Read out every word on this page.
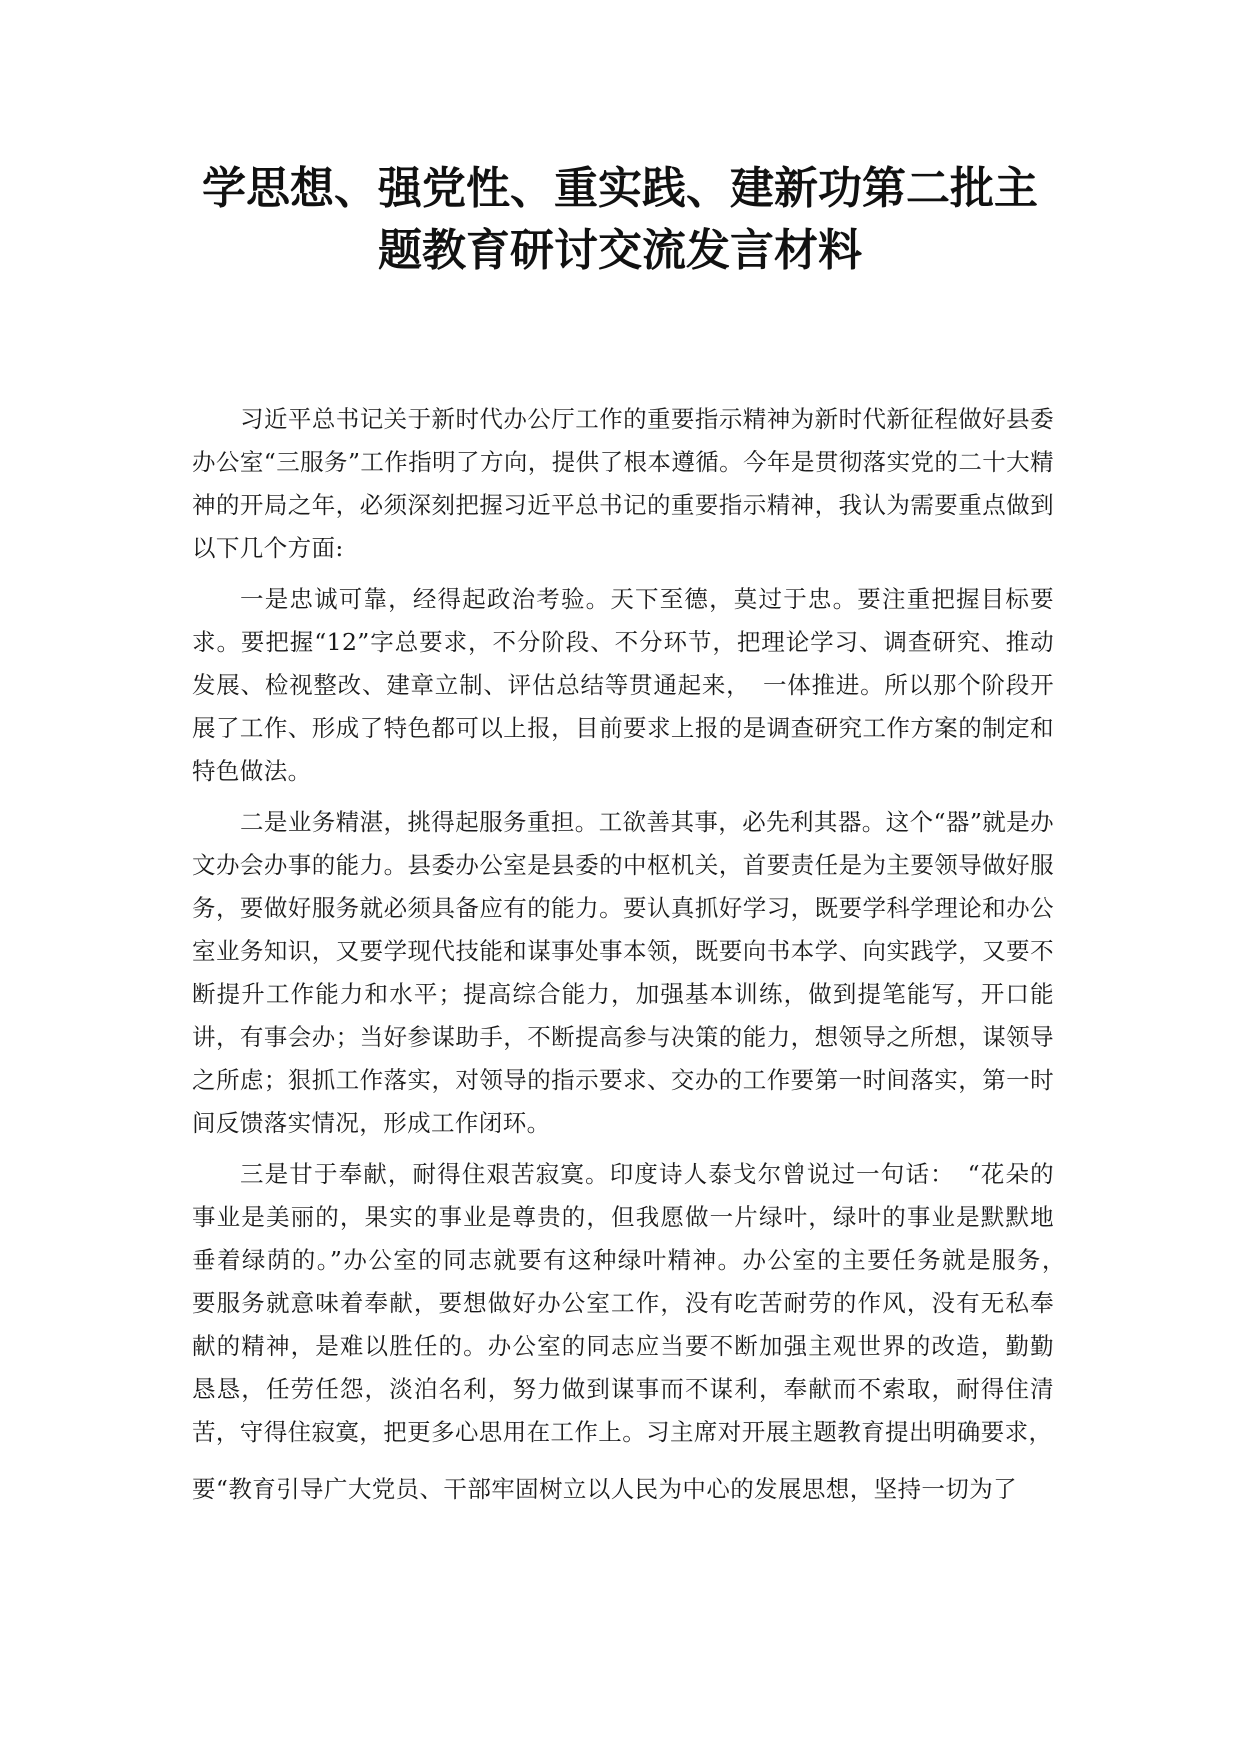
学思想、强党性、重实践、建新功第二批主
题教育研讨交流发言材料

习近平总书记关于新时代办公厅工作的重要指示精神为新时代新征程做好县委办公室“三服务”工作指明了方向，提供了根本遵循。今年是贯彻落实党的二十大精神的开局之年，必须深刻把握习近平总书记的重要指示精神，我认为需要重点做到以下几个方面:

一是忠诚可靠，经得起政治考验。天下至德，莫过于忠。要注重把握目标要求。要把握“12”字总要求，不分阶段、不分环节，把理论学习、调查研究、推动发展、检视整改、建章立制、评估总结等贯通起来，　一体推进。所以那个阶段开展了工作、形成了特色都可以上报，目前要求上报的是调查研究工作方案的制定和特色做法。

二是业务精湛，挑得起服务重担。工欲善其事，必先利其器。这个“器”就是办文办会办事的能力。县委办公室是县委的中枢机关，首要责任是为主要领导做好服务，要做好服务就必须具备应有的能力。要认真抓好学习，既要学科学理论和办公室业务知识，又要学现代技能和谋事处事本领，既要向书本学、向实践学，又要不断提升工作能力和水平；提高综合能力，加强基本训练，做到提笔能写，开口能讲，有事会办；当好参谋助手，不断提高参与决策的能力，想领导之所想，谋领导之所虑；狠抓工作落实，对领导的指示要求、交办的工作要第一时间落实，第一时间反馈落实情况，形成工作闭环。

三是甘于奉献，耐得住艰苦寂寞。印度诗人泰戈尔曾说过一句话：　“花朵的　事业是美丽的，果实的事业是尊贵的，但我愿做一片绿叶，绿叶的事业是默默地　垂着绿荫的。”办公室的同志就要有这种绿叶精神。办公室的主要任务就是服务，　要服务就意味着奉献，要想做好办公室工作，没有吃苦耐劳的作风，没有无私奉　献的精神，是难以胜任的。办公室的同志应当要不断加强主观世界的改造，勤勤　恳恳，任劳任怨，淡泊名利，努力做到谋事而不谋利，奉献而不索取，耐得住清　苦，守得住寂寞，把更多心思用在工作上。习主席对开展主题教育提出明确要求，

要“教育引导广大党员、干部牢固树立以人民为中心的发展思想，坚持一切为了
